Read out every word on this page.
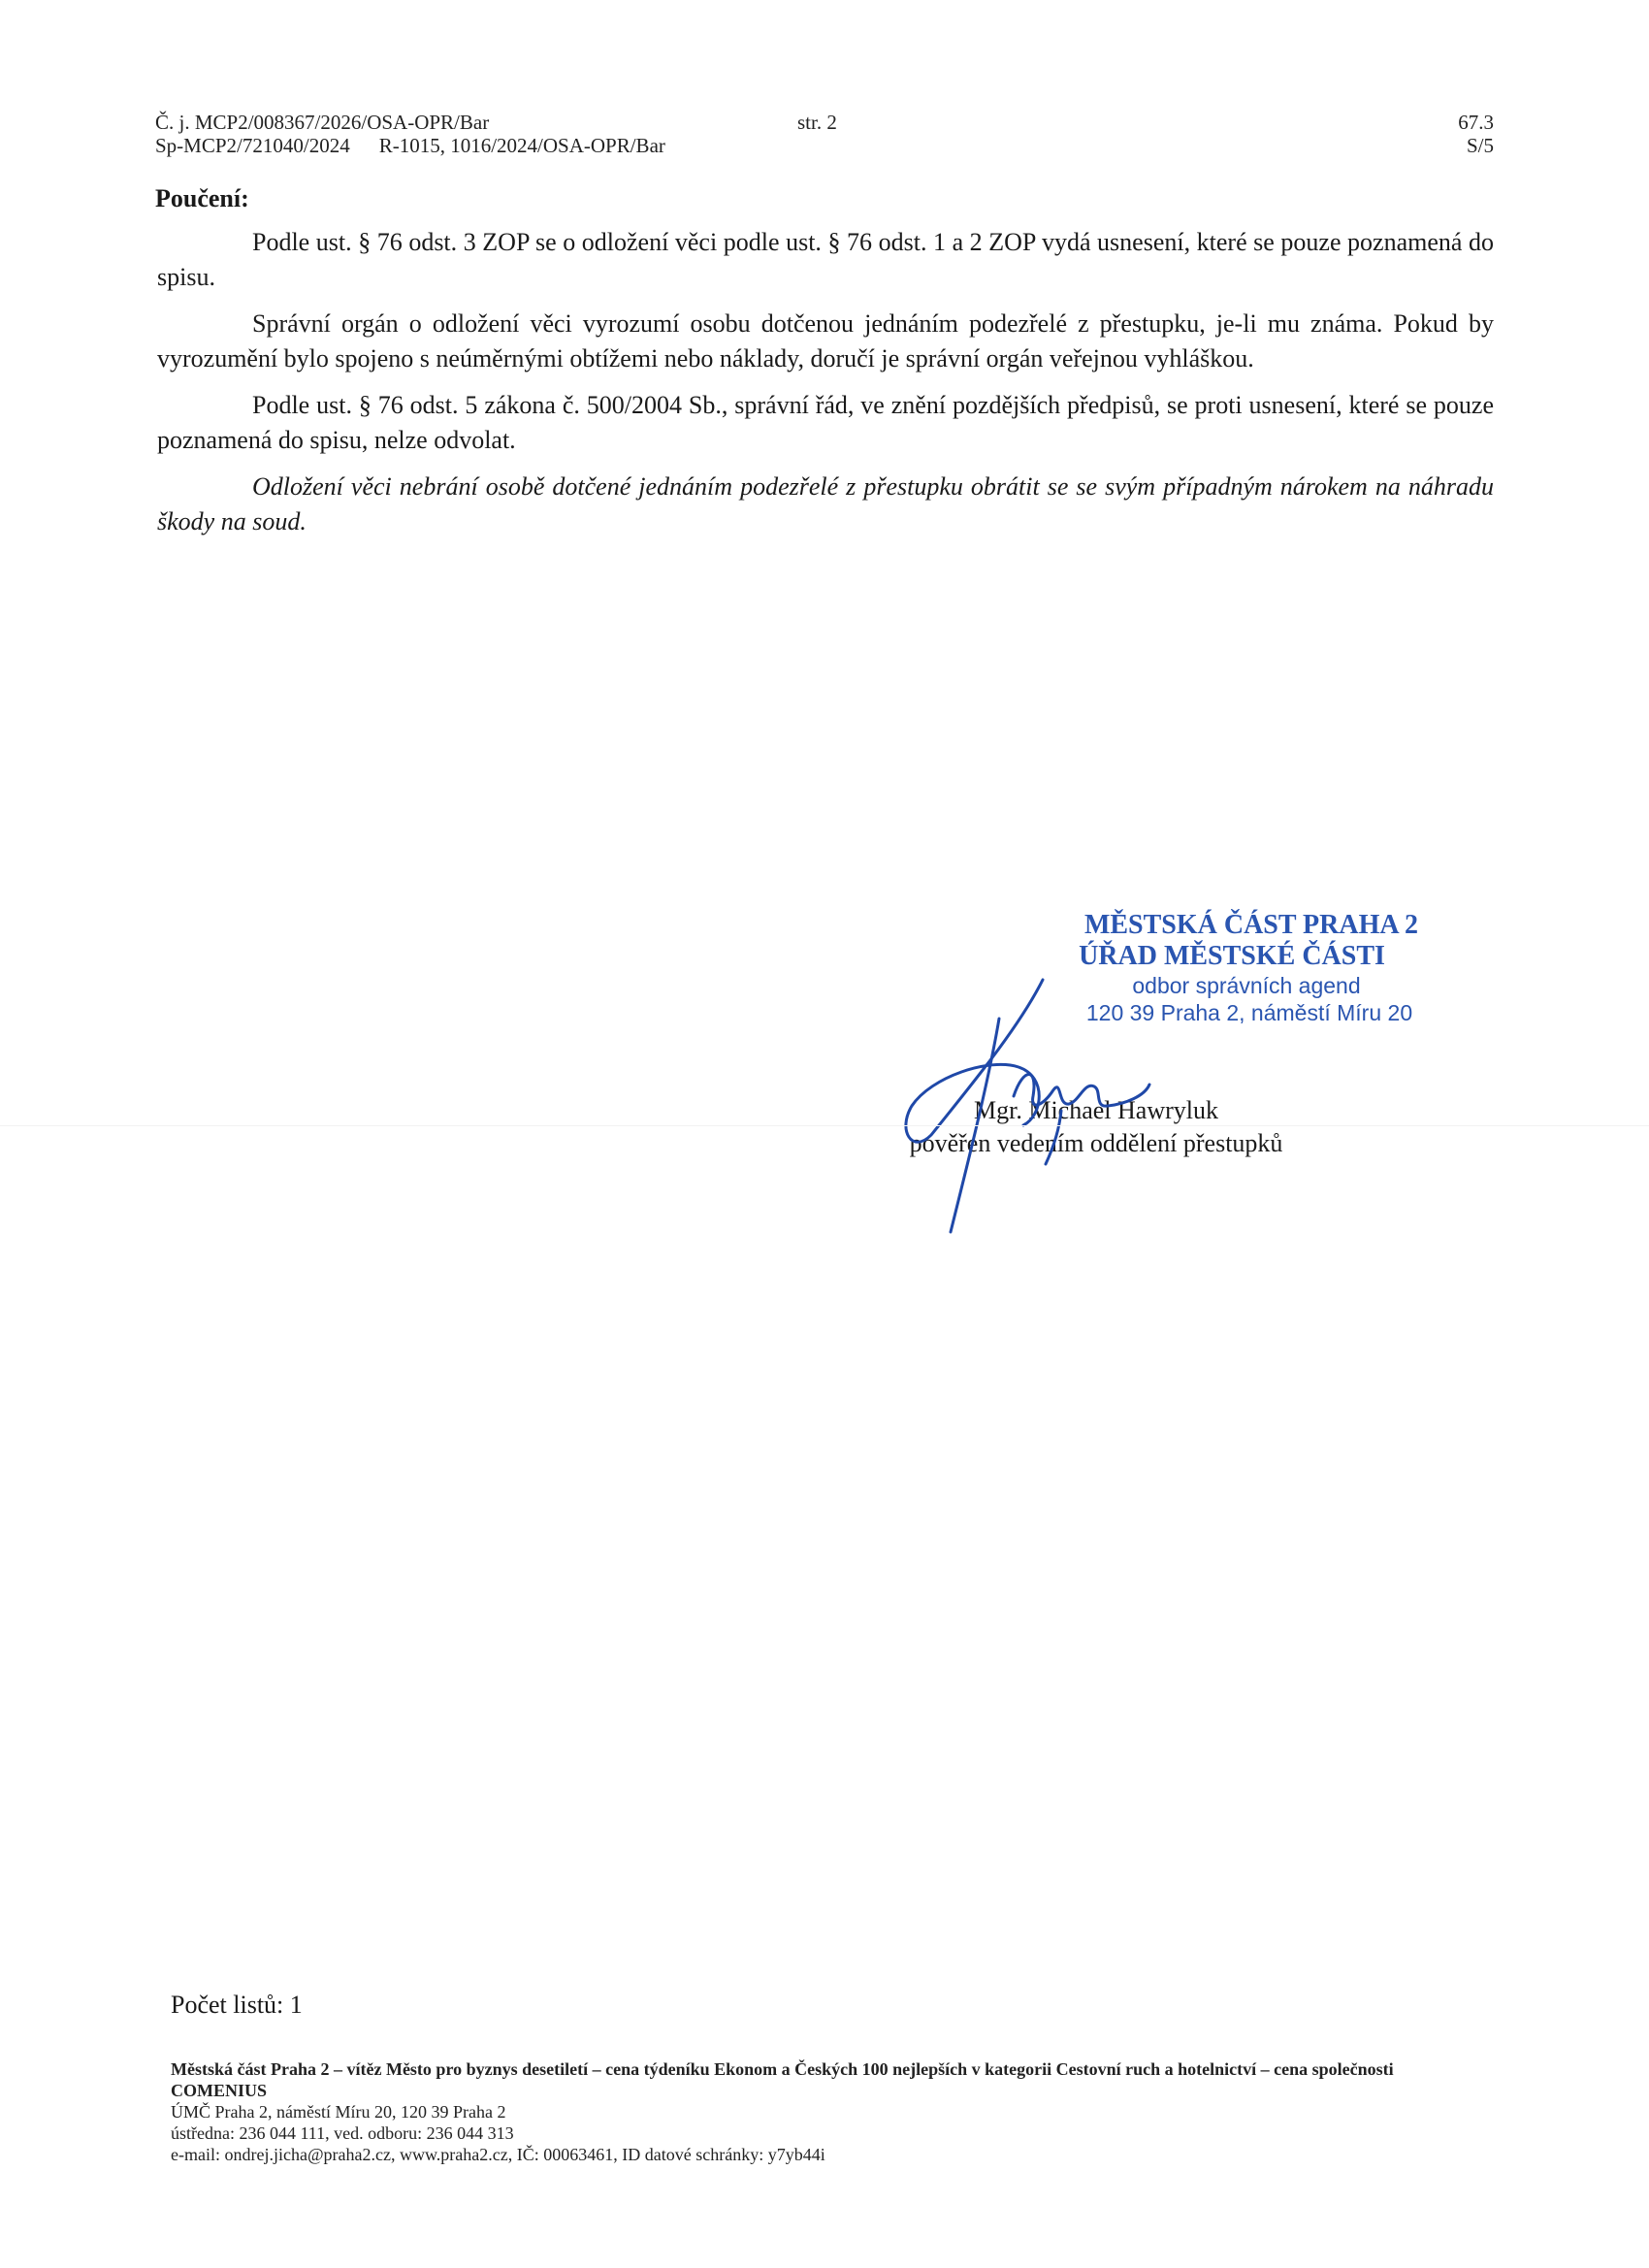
Č. j. MCP2/008367/2026/OSA-OPR/Bar
Sp-MCP2/721040/2024 R-1015, 1016/2024/OSA-OPR/Bar
str. 2	67.3
S/5
Poučení:

Podle ust. § 76 odst. 3 ZOP se o odložení věci podle ust. § 76 odst. 1 a 2 ZOP vydá usnesení, které se pouze poznamená do spisu.

Správní orgán o odložení věci vyrozumí osobu dotčenou jednáním podezřelé z přestupku, je-li mu známa. Pokud by vyrozumění bylo spojeno s neúměrnými obtížemi nebo náklady, doručí je správní orgán veřejnou vyhláškou.

Podle ust. § 76 odst. 5 zákona č. 500/2004 Sb., správní řád, ve znění pozdějších předpisů, se proti usnesení, které se pouze poznamená do spisu, nelze odvolat.

Odložení věci nebrání osobě dotčené jednáním podezřelé z přestupku obrátit se se svým případným nárokem na náhradu škody na soud.

MĚSTSKÁ ČÁST PRAHA 2
ÚŘAD MĚSTSKÉ ČÁSTI
odbor správních agend
120 39 Praha 2, náměstí Míru 20
Mgr. Michael Hawryluk
pověřen vedením oddělení přestupků
Počet listů: 1
Městská část Praha 2 – vítěz Město pro byznys desetiletí – cena týdeníku Ekonom a Českých 100 nejlepších v kategorii Cestovní ruch a hotelnictví – cena společnosti COMENIUS
ÚMČ Praha 2, náměstí Míru 20, 120 39 Praha 2
ústředna: 236 044 111, ved. odboru: 236 044 313
e-mail: ondrej.jicha@praha2.cz, www.praha2.cz, IČ: 00063461, ID datové schránky: y7yb44i
